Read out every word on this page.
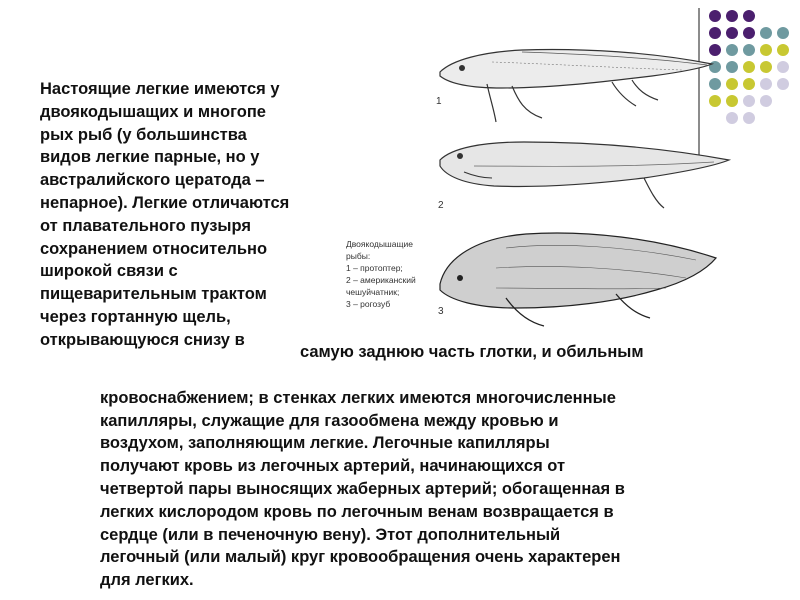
1
2
3
Двоякодышащие
рыбы:
1 – протоптер;
2 – американский
чешуйчатник;
3 – рогозуб
Настоящие легкие имеются у
двоякодышащих и многопе
рых рыб (у большинства
видов легкие парные, но у
австралийского цератода –
непарное). Легкие отличаются
от плавательного пузыря
сохранением относительно
широкой связи с
пищеварительным трактом
через гортанную щель,
открывающуюся снизу в
самую заднюю часть глотки, и обильным

кровоснабжением; в стенках легких имеются многочисленные
капилляры, служащие для газообмена между кровью и
воздухом, заполняющим легкие. Легочные капилляры
получают кровь из легочных артерий, начинающихся от
четвертой пары выносящих жаберных артерий; обогащенная в
легких кислородом кровь по легочным венам возвращается в
сердце (или в печеночную вену). Этот дополнительный
легочный (или малый) круг кровообращения очень характерен
для легких.
